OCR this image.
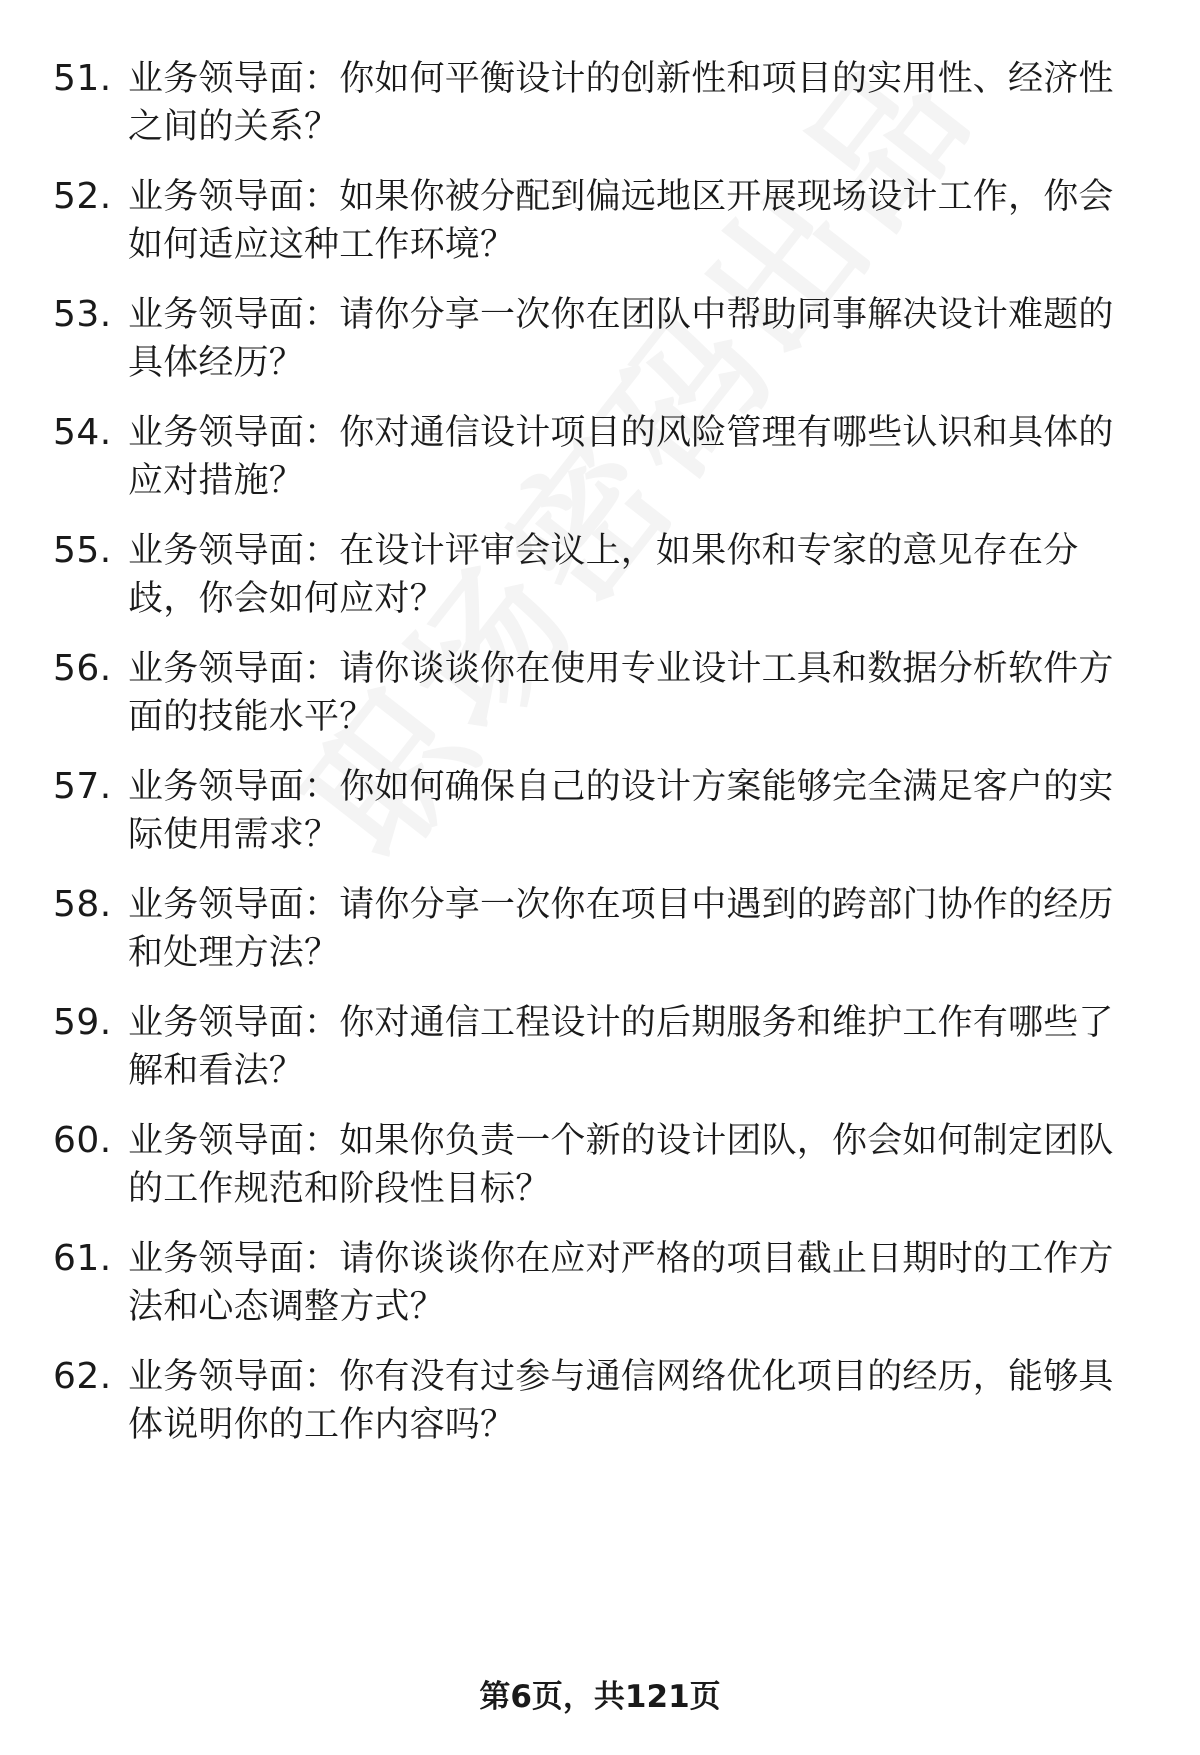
51. 业务领导面：你如何平衡设计的创新性和项目的实用性、经济性之间的关系？
52. 业务领导面：如果你被分配到偏远地区开展现场设计工作，你会如何适应这种工作环境？
53. 业务领导面：请你分享一次你在团队中帮助同事解决设计难题的具体经历？
54. 业务领导面：你对通信设计项目的风险管理有哪些认识和具体的应对措施？
55. 业务领导面：在设计评审会议上，如果你和专家的意见存在分歧，你会如何应对？
56. 业务领导面：请你谈谈你在使用专业设计工具和数据分析软件方面的技能水平？
57. 业务领导面：你如何确保自己的设计方案能够完全满足客户的实际使用需求？
58. 业务领导面：请你分享一次你在项目中遇到的跨部门协作的经历和处理方法？
59. 业务领导面：你对通信工程设计的后期服务和维护工作有哪些了解和看法？
60. 业务领导面：如果你负责一个新的设计团队，你会如何制定团队的工作规范和阶段性目标？
61. 业务领导面：请你谈谈你在应对严格的项目截止日期时的工作方法和心态调整方式？
62. 业务领导面：你有没有过参与通信网络优化项目的经历，能够具体说明你的工作内容吗？
第6页，共121页
